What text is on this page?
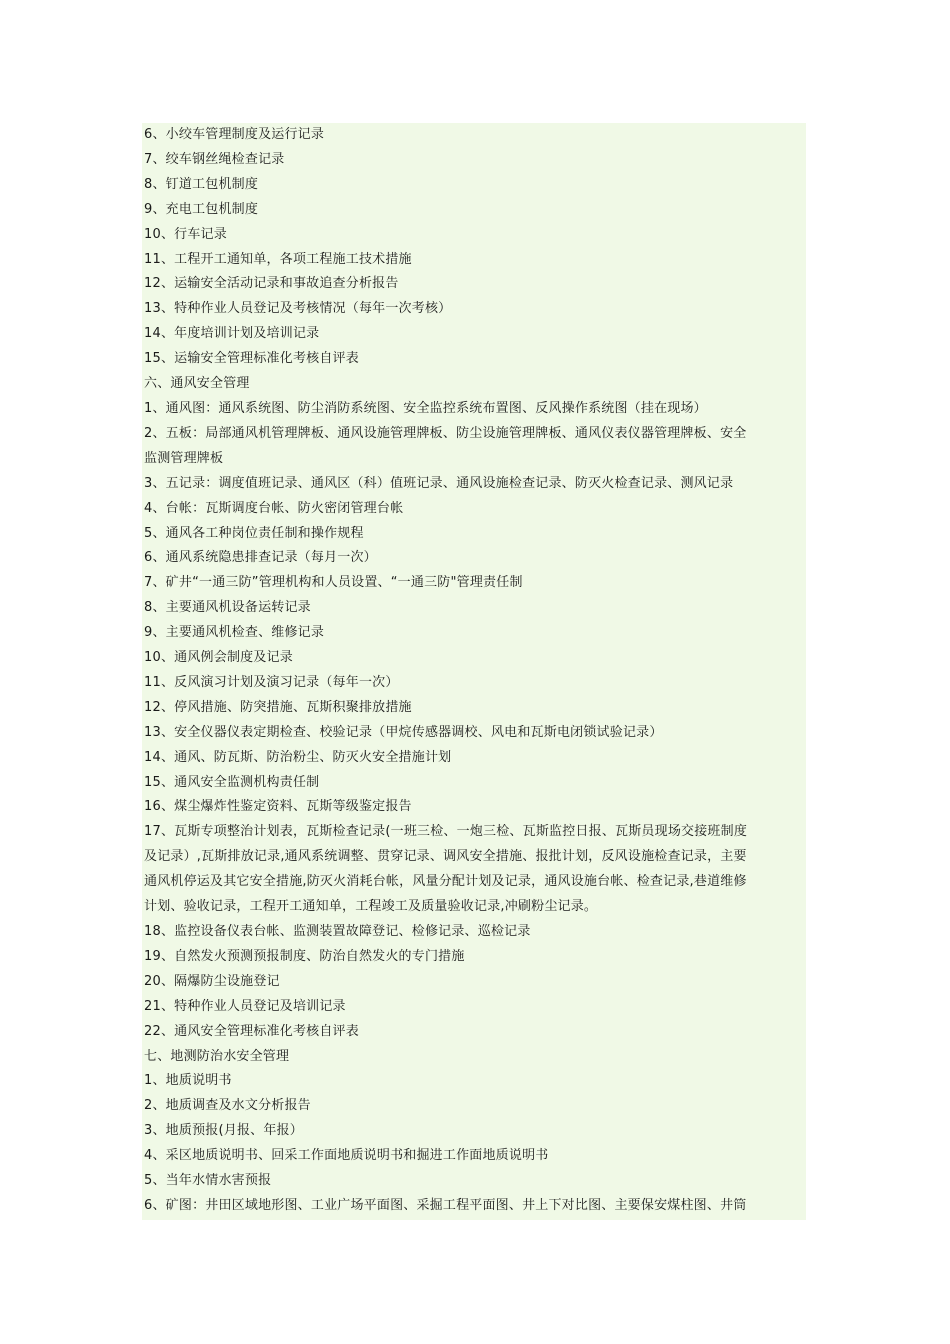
6、小绞车管理制度及运行记录
7、绞车钢丝绳检查记录
8、钉道工包机制度
9、充电工包机制度
10、行车记录
11、工程开工通知单，各项工程施工技术措施
12、运输安全活动记录和事故追查分析报告
13、特种作业人员登记及考核情况（每年一次考核）
14、年度培训计划及培训记录
15、运输安全管理标准化考核自评表
六、通风安全管理
1、通风图：通风系统图、防尘消防系统图、安全监控系统布置图、反风操作系统图（挂在现场）
2、五板：局部通风机管理牌板、通风设施管理牌板、防尘设施管理牌板、通风仪表仪器管理牌板、安全
监测管理牌板
3、五记录：调度值班记录、通风区（科）值班记录、通风设施检查记录、防灭火检查记录、测风记录
4、台帐：瓦斯调度台帐、防火密闭管理台帐
5、通风各工种岗位责任制和操作规程
6、通风系统隐患排查记录（每月一次）
7、矿井“一通三防”管理机构和人员设置、“一通三防"管理责任制
8、主要通风机设备运转记录
9、主要通风机检查、维修记录
10、通风例会制度及记录
11、反风演习计划及演习记录（每年一次）
12、停风措施、防突措施、瓦斯积聚排放措施
13、安全仪器仪表定期检查、校验记录（甲烷传感器调校、风电和瓦斯电闭锁试验记录）
14、通风、防瓦斯、防治粉尘、防灭火安全措施计划
15、通风安全监测机构责任制
16、煤尘爆炸性鉴定资料、瓦斯等级鉴定报告
17、瓦斯专项整治计划表，瓦斯检查记录(一班三检、一炮三检、瓦斯监控日报、瓦斯员现场交接班制度
及记录）,瓦斯排放记录,通风系统调整、贯穿记录、调风安全措施、报批计划，反风设施检查记录，主要
通风机停运及其它安全措施,防灭火消耗台帐，风量分配计划及记录，通风设施台帐、检查记录,巷道维修
计划、验收记录，工程开工通知单，工程竣工及质量验收记录,冲刷粉尘记录。
18、监控设备仪表台帐、监测装置故障登记、检修记录、巡检记录
19、自然发火预测预报制度、防治自然发火的专门措施
20、隔爆防尘设施登记
21、特种作业人员登记及培训记录
22、通风安全管理标准化考核自评表
七、地测防治水安全管理
1、地质说明书
2、地质调查及水文分析报告
3、地质预报(月报、年报）
4、采区地质说明书、回采工作面地质说明书和掘进工作面地质说明书
5、当年水情水害预报
6、矿图：井田区域地形图、工业广场平面图、采掘工程平面图、井上下对比图、主要保安煤柱图、井筒
